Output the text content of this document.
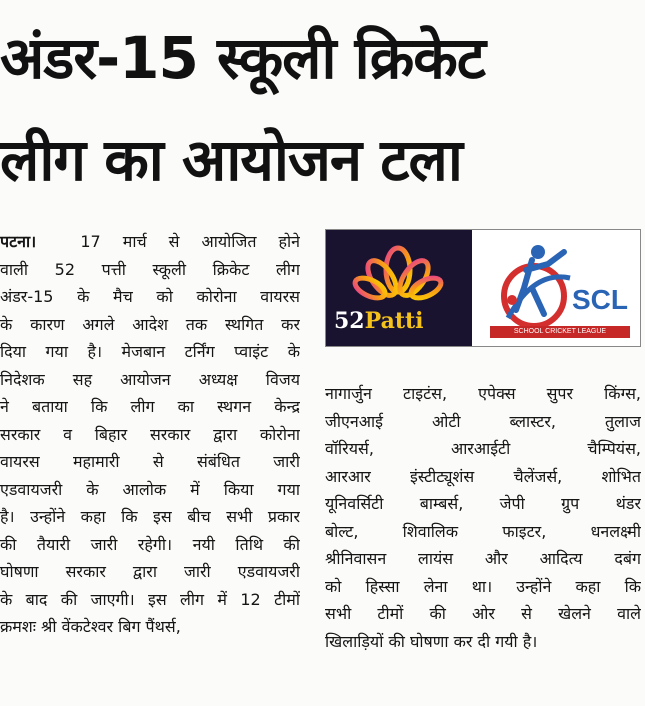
अंडर-15 स्कूली क्रिकेट
लीग का आयोजन टला
पटना।	17 मार्च से आयोजित होने
वाली 52 पत्ती स्कूली क्रिकेट लीग
अंडर-15 के मैच को कोरोना वायरस
के कारण अगले आदेश तक स्थगित कर
दिया गया है। मेजबान टर्निंग प्वाइंट के
निदेशक सह आयोजन अध्यक्ष विजय
ने बताया कि लीग का स्थगन केन्द्र
सरकार व बिहार सरकार द्वारा कोरोना
वायरस महामारी से संबंधित जारी
एडवायजरी के आलोक में किया गया
है। उन्होंने कहा कि इस बीच सभी प्रकार
की तैयारी जारी रहेगी। नयी तिथि की
घोषणा सरकार द्वारा जारी एडवायजरी
के बाद की जाएगी। इस लीग में 12 टीमों
क्रमशः श्री वेंकटेश्वर बिग पैंथर्स,
52Patti
SCL
SCHOOL CRICKET LEAGUE
नागार्जुन टाइटंस, एपेक्स सुपर किंग्स,
जीएनआई ओटी ब्लास्टर, तुलाज
वॉरियर्स, आरआईटी चैम्पियंस,
आरआर इंस्टीट्यूशंस चैलेंजर्स, शोभित
यूनिवर्सिटी बाम्बर्स, जेपी ग्रुप थंडर
बोल्ट, शिवालिक फाइटर, धनलक्ष्मी
श्रीनिवासन लायंस और आदित्य दबंग
को हिस्सा लेना था। उन्होंने कहा कि
सभी टीमों की ओर से खेलने वाले
खिलाड़ियों की घोषणा कर दी गयी है।
